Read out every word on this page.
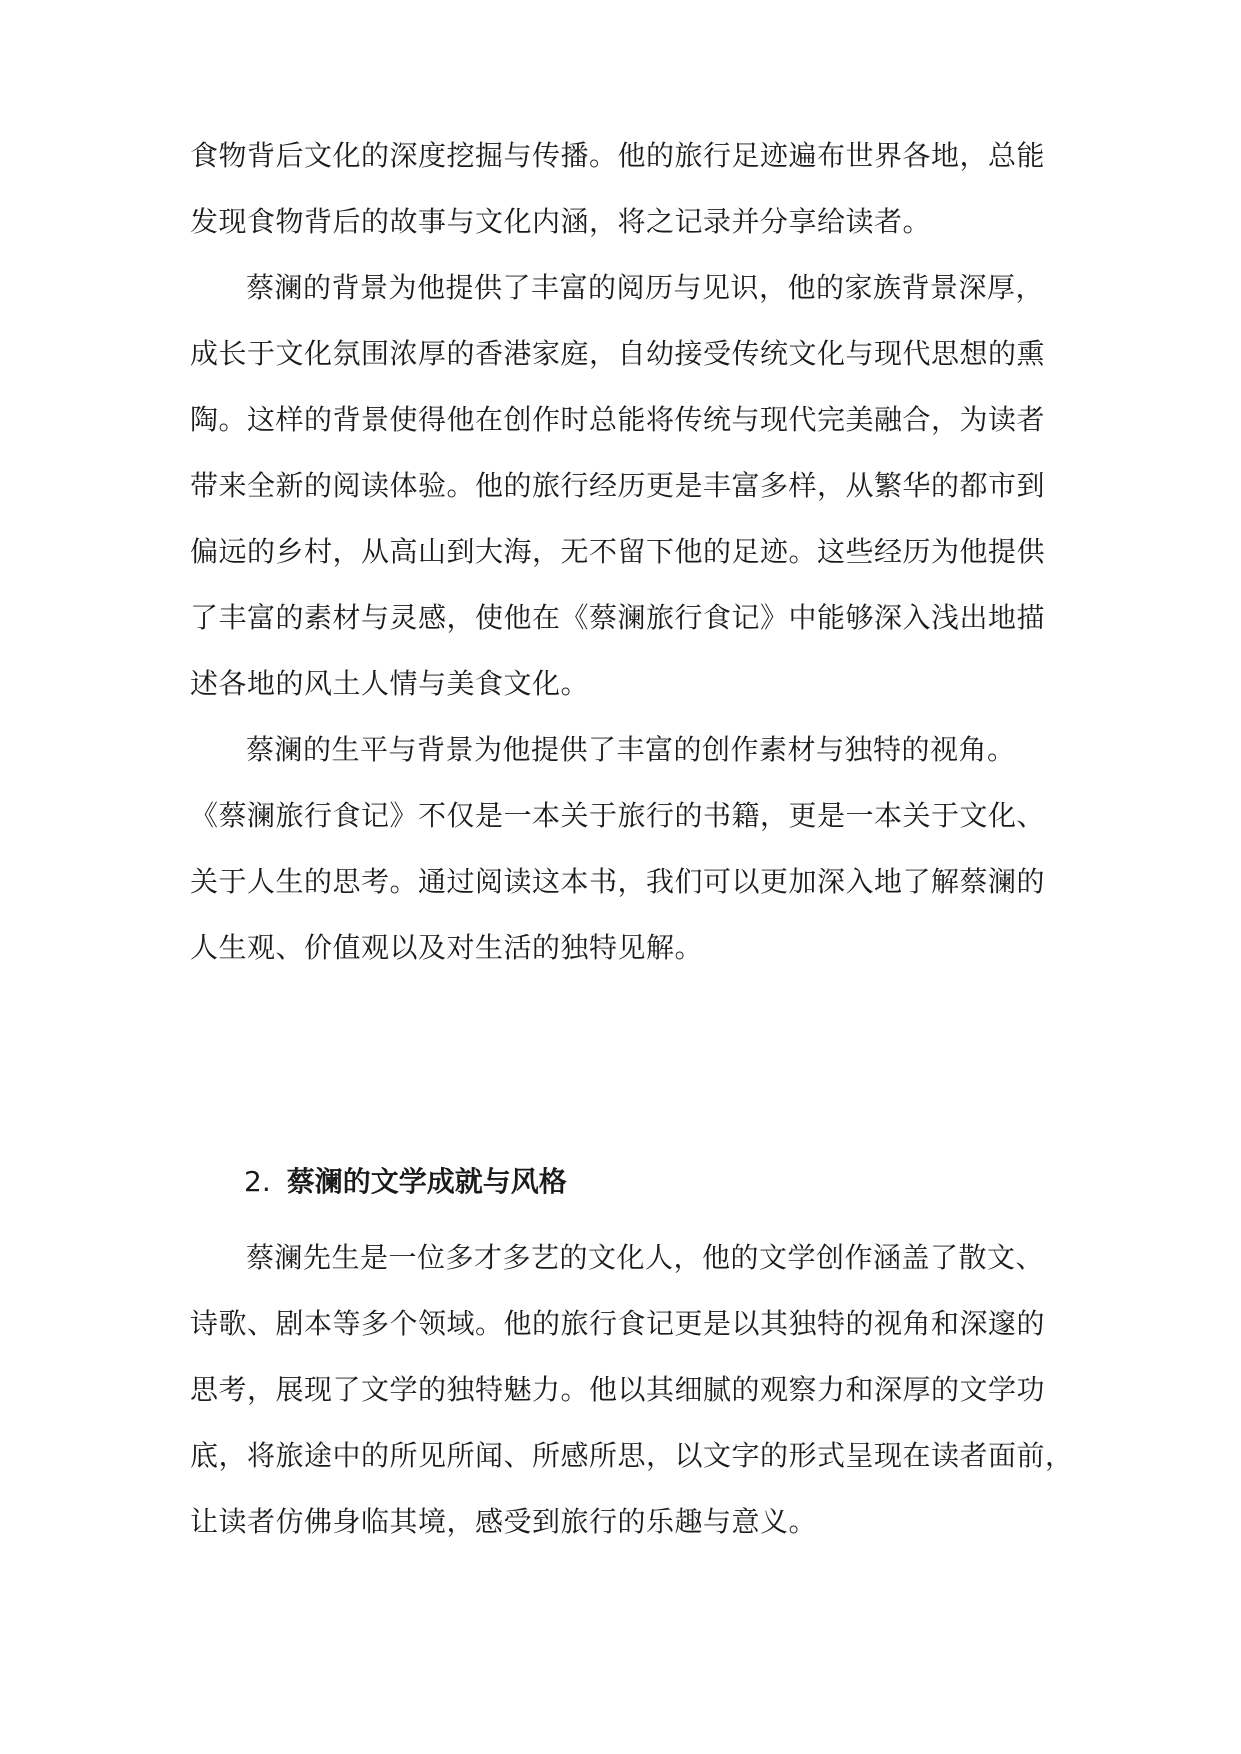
食物背后文化的深度挖掘与传播。他的旅行足迹遍布世界各地，总能
发现食物背后的故事与文化内涵，将之记录并分享给读者。
蔡澜的背景为他提供了丰富的阅历与见识，他的家族背景深厚，
成长于文化氛围浓厚的香港家庭，自幼接受传统文化与现代思想的熏
陶。这样的背景使得他在创作时总能将传统与现代完美融合，为读者
带来全新的阅读体验。他的旅行经历更是丰富多样，从繁华的都市到
偏远的乡村，从高山到大海，无不留下他的足迹。这些经历为他提供
了丰富的素材与灵感，使他在《蔡澜旅行食记》中能够深入浅出地描
述各地的风土人情与美食文化。
蔡澜的生平与背景为他提供了丰富的创作素材与独特的视角。
《蔡澜旅行食记》不仅是一本关于旅行的书籍，更是一本关于文化、
关于人生的思考。通过阅读这本书，我们可以更加深入地了解蔡澜的
人生观、价值观以及对生活的独特见解。
2. 蔡澜的文学成就与风格
蔡澜先生是一位多才多艺的文化人，他的文学创作涵盖了散文、
诗歌、剧本等多个领域。他的旅行食记更是以其独特的视角和深邃的
思考，展现了文学的独特魅力。他以其细腻的观察力和深厚的文学功
底，将旅途中的所见所闻、所感所思，以文字的形式呈现在读者面前，
让读者仿佛身临其境，感受到旅行的乐趣与意义。
